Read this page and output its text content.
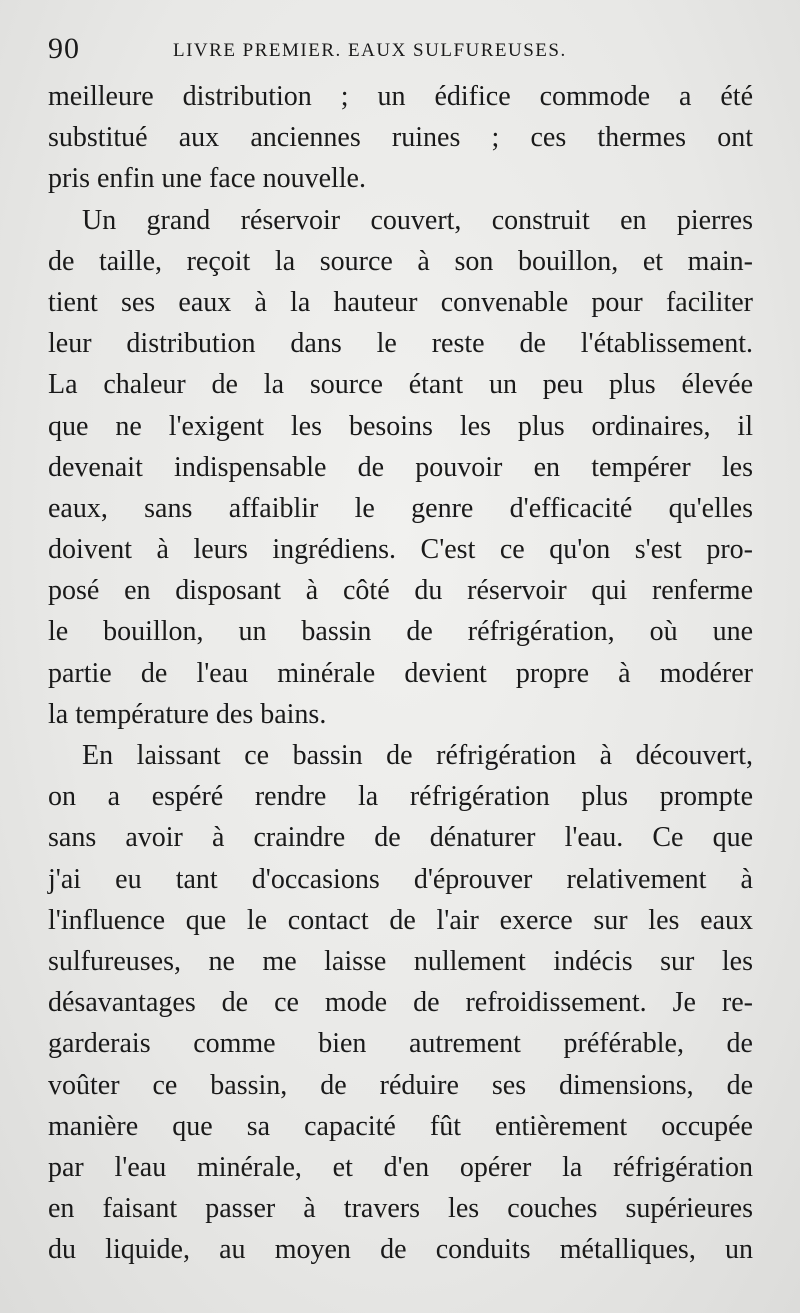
90	LIVRE PREMIER. EAUX SULFUREUSES.
meilleure distribution ; un édifice commode a été
substitué aux anciennes ruines ; ces thermes ont
pris enfin une face nouvelle.
Un grand réservoir couvert, construit en pierres
de taille, reçoit la source à son bouillon, et main-
tient ses eaux à la hauteur convenable pour faciliter
leur distribution dans le reste de l'établissement.
La chaleur de la source étant un peu plus élevée
que ne l'exigent les besoins les plus ordinaires, il
devenait indispensable de pouvoir en tempérer les
eaux, sans affaiblir le genre d'efficacité qu'elles
doivent à leurs ingrédiens. C'est ce qu'on s'est pro-
posé en disposant à côté du réservoir qui renferme
le bouillon, un bassin de réfrigération, où une
partie de l'eau minérale devient propre à modérer
la température des bains.
En laissant ce bassin de réfrigération à découvert,
on a espéré rendre la réfrigération plus prompte
sans avoir à craindre de dénaturer l'eau. Ce que
j'ai eu tant d'occasions d'éprouver relativement à
l'influence que le contact de l'air exerce sur les eaux
sulfureuses, ne me laisse nullement indécis sur les
désavantages de ce mode de refroidissement. Je re-
garderais comme bien autrement préférable, de
voûter ce bassin, de réduire ses dimensions, de
manière que sa capacité fût entièrement occupée
par l'eau minérale, et d'en opérer la réfrigération
en faisant passer à travers les couches supérieures
du liquide, au moyen de conduits métalliques, un
